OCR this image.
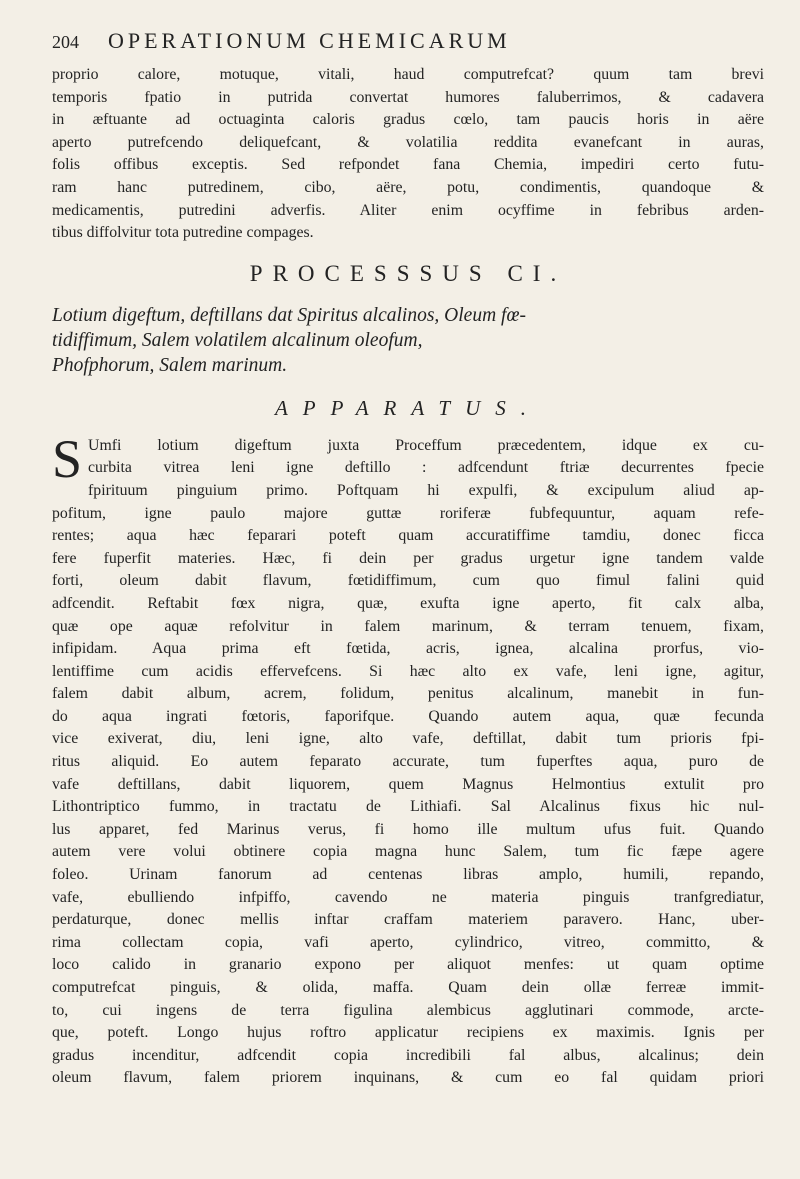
204	OPERATIONUM CHEMICARUM
proprio calore, motuque, vitali, haud computrefcat? quum tam brevi
temporis fpatio in putrida convertat humores faluberrimos, & cadavera
in æftuante ad octuaginta caloris gradus cœlo, tam paucis horis in aëre
aperto putrefcendo deliquefcant, & volatilia reddita evanefcant in auras,
folis offibus exceptis. Sed refpondet fana Chemia, impediri certo futu-
ram hanc putredinem, cibo, aëre, potu, condimentis, quandoque &
medicamentis, putredini adverfis. Aliter enim ocyffime in febribus arden-
tibus diffolvitur tota putredine compages.
PROCESSSUS CI.
Lotium digeftum, deftillans dat Spiritus alcalinos, Oleum fœ-
tidiffimum, Salem volatilem alcalinum oleofum,
Phofphorum, Salem marinum.
APPARATUS.
S Umfi lotium digeftum juxta Proceffum præcedentem, idque ex cu-
curbita vitrea leni igne deftillo : adfcendunt ftriæ decurrentes fpecie
fpirituum pinguium primo. Poftquam hi expulfi, & excipulum aliud ap-
pofitum, igne paulo majore guttæ roriferæ fubfequuntur, aquam refe-
rentes; aqua hæc feparari poteft quam accuratiffime tamdiu, donec ficca
fere fuperfit materies. Hæc, fi dein per gradus urgetur igne tandem valde
forti, oleum dabit flavum, fœtidiffimum, cum quo fimul falini quid
adfcendit. Reftabit fœx nigra, quæ, exufta igne aperto, fit calx alba,
quæ ope aquæ refolvitur in falem marinum, & terram tenuem, fixam,
infipidam. Aqua prima eft fœtida, acris, ignea, alcalina prorfus, vio-
lentiffime cum acidis effervefcens. Si hæc alto ex vafe, leni igne, agitur,
falem dabit album, acrem, folidum, penitus alcalinum, manebit in fun-
do aqua ingrati fœtoris, faporifque. Quando autem aqua, quæ fecunda
vice exiverat, diu, leni igne, alto vafe, deftillat, dabit tum prioris fpi-
ritus aliquid. Eo autem feparato accurate, tum fuperftes aqua, puro de
vafe deftillans, dabit liquorem, quem Magnus Helmontius extulit pro
Lithontriptico fummo, in tractatu de Lithiafi. Sal Alcalinus fixus hic nul-
lus apparet, fed Marinus verus, fi homo ille multum ufus fuit. Quando
autem vere volui obtinere copia magna hunc Salem, tum fic fæpe agere
foleo. Urinam fanorum ad centenas libras amplo, humili, repando,
vafe, ebulliendo infpiffo, cavendo ne materia pinguis tranfgrediatur,
perdaturque, donec mellis inftar craffam materiem paravero. Hanc, uber-
rima collectam copia, vafi aperto, cylindrico, vitreo, committo, &
loco calido in granario expono per aliquot menfes: ut quam optime
computrefcat pinguis, & olida, maffa. Quam dein ollæ ferreæ immit-
to, cui ingens de terra figulina alembicus agglutinari commode, arcte-
que, poteft. Longo hujus roftro applicatur recipiens ex maximis. Ignis per
gradus incenditur, adfcendit copia incredibili fal albus, alcalinus; dein
oleum flavum, falem priorem inquinans, & cum eo fal quidam priori
